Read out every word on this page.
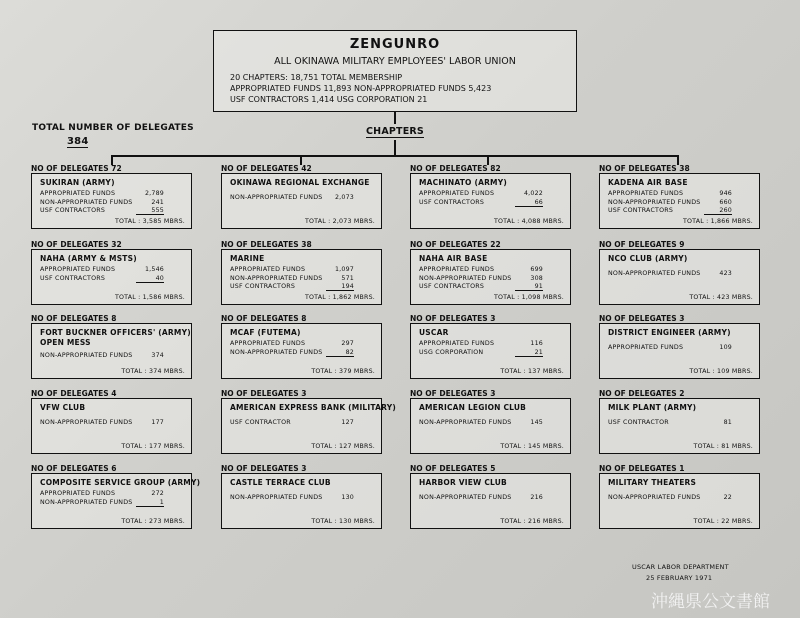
ZENGUNRO
ALL OKINAWA MILITARY EMPLOYEES' LABOR UNION
20 CHAPTERS: 18,751 TOTAL MEMBERSHIP
APPROPRIATED FUNDS 11,893 NON-APPROPRIATED FUNDS 5,423
USF CONTRACTORS 1,414 USG CORPORATION 21
TOTAL NUMBER OF DELEGATES
384
CHAPTERS
NO OF DELEGATES 72
SUKIRAN (ARMY)
APPROPRIATED FUNDS	2,789
NON-APPROPRIATED FUNDS	241
USF CONTRACTORS	555
TOTAL : 3,585 MBRS.
NO OF DELEGATES 42
OKINAWA REGIONAL EXCHANGE
NON-APPROPRIATED FUNDS	2,073
TOTAL : 2,073 MBRS.
NO OF DELEGATES 82
MACHINATO (ARMY)
APPROPRIATED FUNDS	4,022
USF CONTRACTORS	66
TOTAL : 4,088 MBRS.
NO OF DELEGATES 38
KADENA AIR BASE
APPROPRIATED FUNDS	946
NON-APPROPRIATED FUNDS	660
USF CONTRACTORS	260
TOTAL : 1,866 MBRS.
NO OF DELEGATES 32
NAHA (ARMY & MSTS)
APPROPRIATED FUNDS	1,546
USF CONTRACTORS	40
TOTAL : 1,586 MBRS.
NO OF DELEGATES 38
MARINE
APPROPRIATED FUNDS	1,097
NON-APPROPRIATED FUNDS	571
USF CONTRACTORS	194
TOTAL : 1,862 MBRS.
NO OF DELEGATES 22
NAHA AIR BASE
APPROPRIATED FUNDS	699
NON-APPROPRIATED FUNDS	308
USF CONTRACTORS	91
TOTAL : 1,098 MBRS.
NO OF DELEGATES 9
NCO CLUB (ARMY)
NON-APPROPRIATED FUNDS	423
TOTAL : 423 MBRS.
NO OF DELEGATES 8
FORT BUCKNER OFFICERS' (ARMY)
OPEN MESS
NON-APPROPRIATED FUNDS	374
TOTAL : 374 MBRS.
NO OF DELEGATES 8
MCAF (FUTEMA)
APPROPRIATED FUNDS	297
NON-APPROPRIATED FUNDS	82
TOTAL : 379 MBRS.
NO OF DELEGATES 3
USCAR
APPROPRIATED FUNDS	116
USG CORPORATION	21
TOTAL : 137 MBRS.
NO OF DELEGATES 3
DISTRICT ENGINEER (ARMY)
APPROPRIATED FUNDS	109
TOTAL : 109 MBRS.
NO OF DELEGATES 4
VFW CLUB
NON-APPROPRIATED FUNDS	177
TOTAL : 177 MBRS.
NO OF DELEGATES 3
AMERICAN EXPRESS BANK (MILITARY)
USF CONTRACTOR	127
TOTAL : 127 MBRS.
NO OF DELEGATES 3
AMERICAN LEGION CLUB
NON-APPROPRIATED FUNDS	145
TOTAL : 145 MBRS.
NO OF DELEGATES 2
MILK PLANT (ARMY)
USF CONTRACTOR	81
TOTAL : 81 MBRS.
NO OF DELEGATES 6
COMPOSITE SERVICE GROUP (ARMY)
APPROPRIATED FUNDS	272
NON-APPROPRIATED FUNDS	1
TOTAL : 273 MBRS.
NO OF DELEGATES 3
CASTLE TERRACE CLUB
NON-APPROPRIATED FUNDS	130
TOTAL : 130 MBRS.
NO OF DELEGATES 5
HARBOR VIEW CLUB
NON-APPROPRIATED FUNDS	216
TOTAL : 216 MBRS.
NO OF DELEGATES 1
MILITARY THEATERS
NON-APPROPRIATED FUNDS	22
TOTAL : 22 MBRS.
USCAR LABOR DEPARTMENT
25 FEBRUARY 1971
沖縄県公文書館
